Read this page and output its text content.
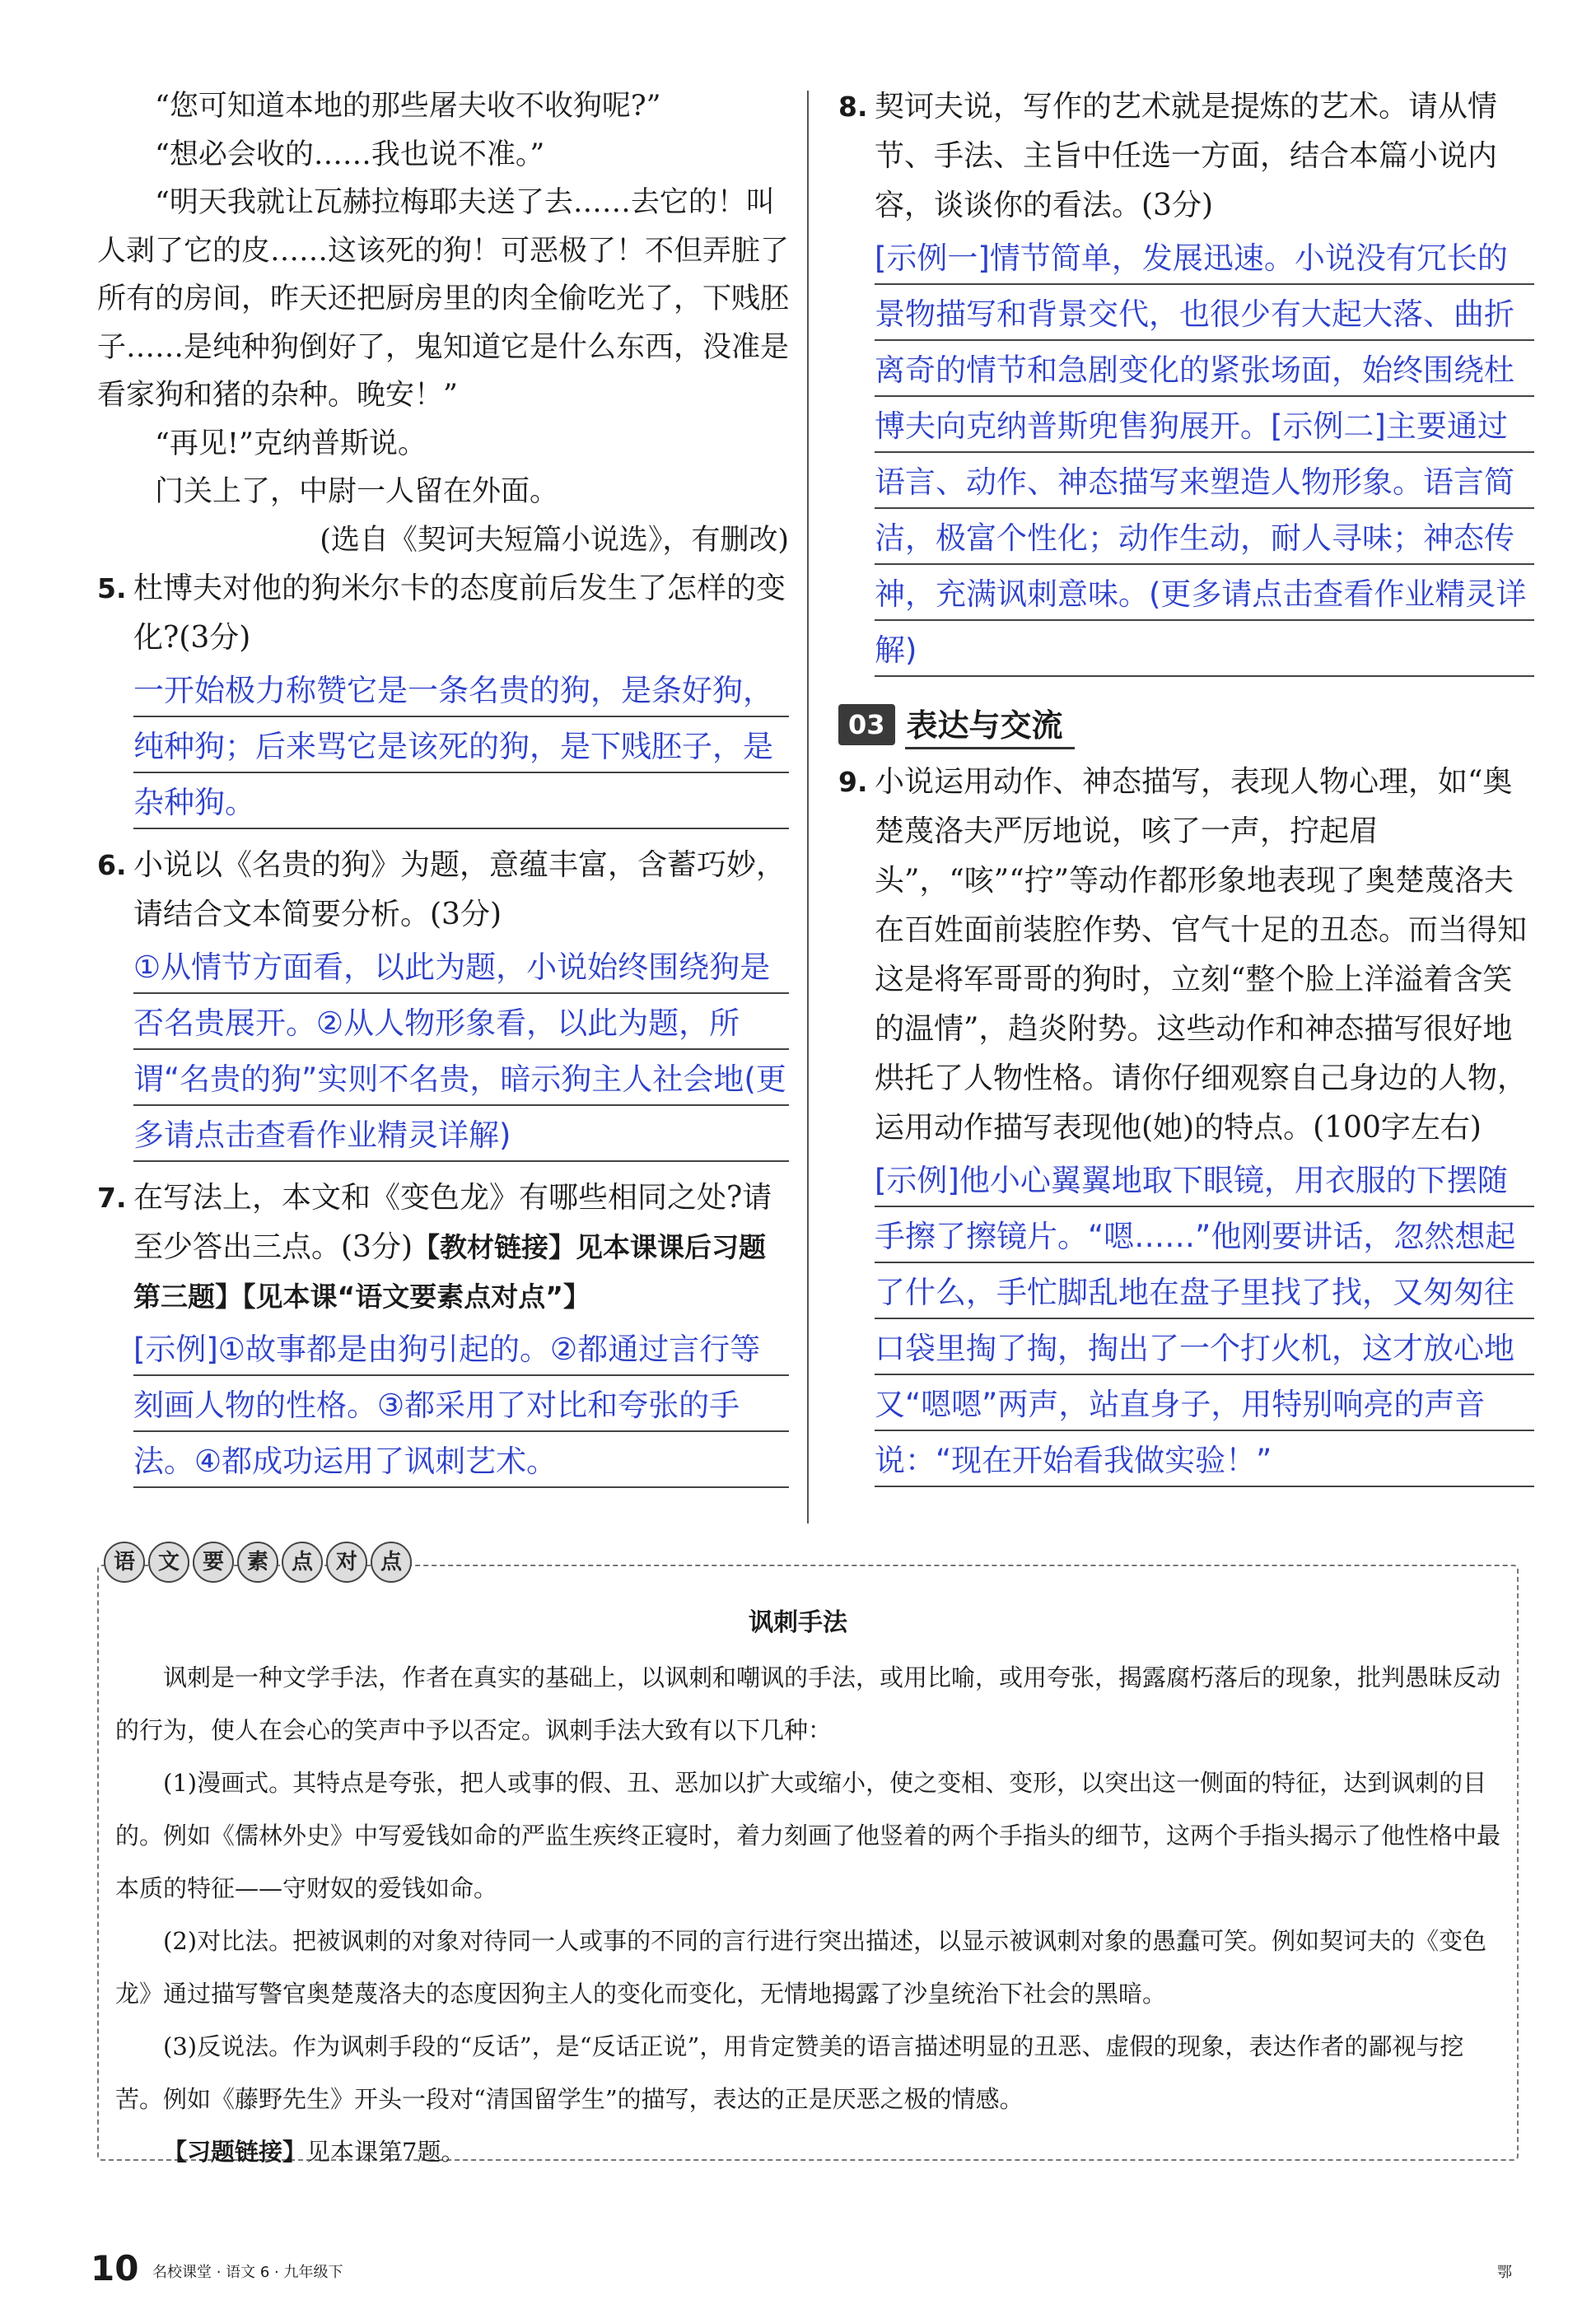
“您可知道本地的那些屠夫收不收狗呢?”

“想必会收的……我也说不准。”

“明天我就让瓦赫拉梅耶夫送了去……去它的！叫人剥了它的皮……这该死的狗！可恶极了！不但弄脏了所有的房间，昨天还把厨房里的肉全偷吃光了，下贱胚子……是纯种狗倒好了，鬼知道它是什么东西，没准是看家狗和猪的杂种。晚安！”

“再见!”克纳普斯说。

门关上了，中尉一人留在外面。

(选自《契诃夫短篇小说选》，有删改)

5. 杜博夫对他的狗米尔卡的态度前后发生了怎样的变化?(3分)
一开始极力称赞它是一条名贵的狗，是条好狗，纯种狗；后来骂它是该死的狗，是下贱胚子，是杂种狗。
6. 小说以《名贵的狗》为题，意蕴丰富，含蓄巧妙，请结合文本简要分析。(3分)
①从情节方面看，以此为题，小说始终围绕狗是否名贵展开。②从人物形象看，以此为题，所谓“名贵的狗”实则不名贵，暗示狗主人社会地(更多请点击查看作业精灵详解)
7. 在写法上，本文和《变色龙》有哪些相同之处?请至少答出三点。(3分)【教材链接】见本课课后习题第三题】【见本课“语文要素点对点”】
[示例]①故事都是由狗引起的。②都通过言行等刻画人物的性格。③都采用了对比和夸张的手法。④都成功运用了讽刺艺术。
8. 契诃夫说，写作的艺术就是提炼的艺术。请从情节、手法、主旨中任选一方面，结合本篇小说内容，谈谈你的看法。(3分)
[示例一]情节简单，发展迅速。小说没有冗长的景物描写和背景交代，也很少有大起大落、曲折离奇的情节和急剧变化的紧张场面，始终围绕杜博夫向克纳普斯兜售狗展开。[示例二]主要通过语言、动作、神态描写来塑造人物形象。语言简洁，极富个性化；动作生动，耐人寻味；神态传神，充满讽刺意味。(更多请点击查看作业精灵详解)
03 表达与交流
9. 小说运用动作、神态描写，表现人物心理，如“奥楚蔑洛夫严厉地说，咳了一声，拧起眉头”，“咳”“拧”等动作都形象地表现了奥楚蔑洛夫在百姓面前装腔作势、官气十足的丑态。而当得知这是将军哥哥的狗时，立刻“整个脸上洋溢着含笑的温情”，趋炎附势。这些动作和神态描写很好地烘托了人物性格。请你仔细观察自己身边的人物，运用动作描写表现他(她)的特点。(100字左右)
[示例]他小心翼翼地取下眼镜，用衣服的下摆随手擦了擦镜片。“嗯……”他刚要讲话，忽然想起了什么，手忙脚乱地在盘子里找了找，又匆匆往口袋里掏了掏，掏出了一个打火机，这才放心地又“嗯嗯”两声，站直身子，用特别响亮的声音说：“现在开始看我做实验！”
语	文	要	素	点	对	点
讽刺手法

讽刺是一种文学手法，作者在真实的基础上，以讽刺和嘲讽的手法，或用比喻，或用夸张，揭露腐朽落后的现象，批判愚昧反动的行为，使人在会心的笑声中予以否定。讽刺手法大致有以下几种：

(1)漫画式。其特点是夸张，把人或事的假、丑、恶加以扩大或缩小，使之变相、变形，以突出这一侧面的特征，达到讽刺的目的。例如《儒林外史》中写爱钱如命的严监生疾终正寝时，着力刻画了他竖着的两个手指头的细节，这两个手指头揭示了他性格中最本质的特征——守财奴的爱钱如命。

(2)对比法。把被讽刺的对象对待同一人或事的不同的言行进行突出描述，以显示被讽刺对象的愚蠢可笑。例如契诃夫的《变色龙》通过描写警官奥楚蔑洛夫的态度因狗主人的变化而变化，无情地揭露了沙皇统治下社会的黑暗。

(3)反说法。作为讽刺手段的“反话”，是“反话正说”，用肯定赞美的语言描述明显的丑恶、虚假的现象，表达作者的鄙视与挖苦。例如《藤野先生》开头一段对“清国留学生”的描写，表达的正是厌恶之极的情感。

【习题链接】见本课第7题。

10 名校课堂 · 语文 6 · 九年级下	鄂
